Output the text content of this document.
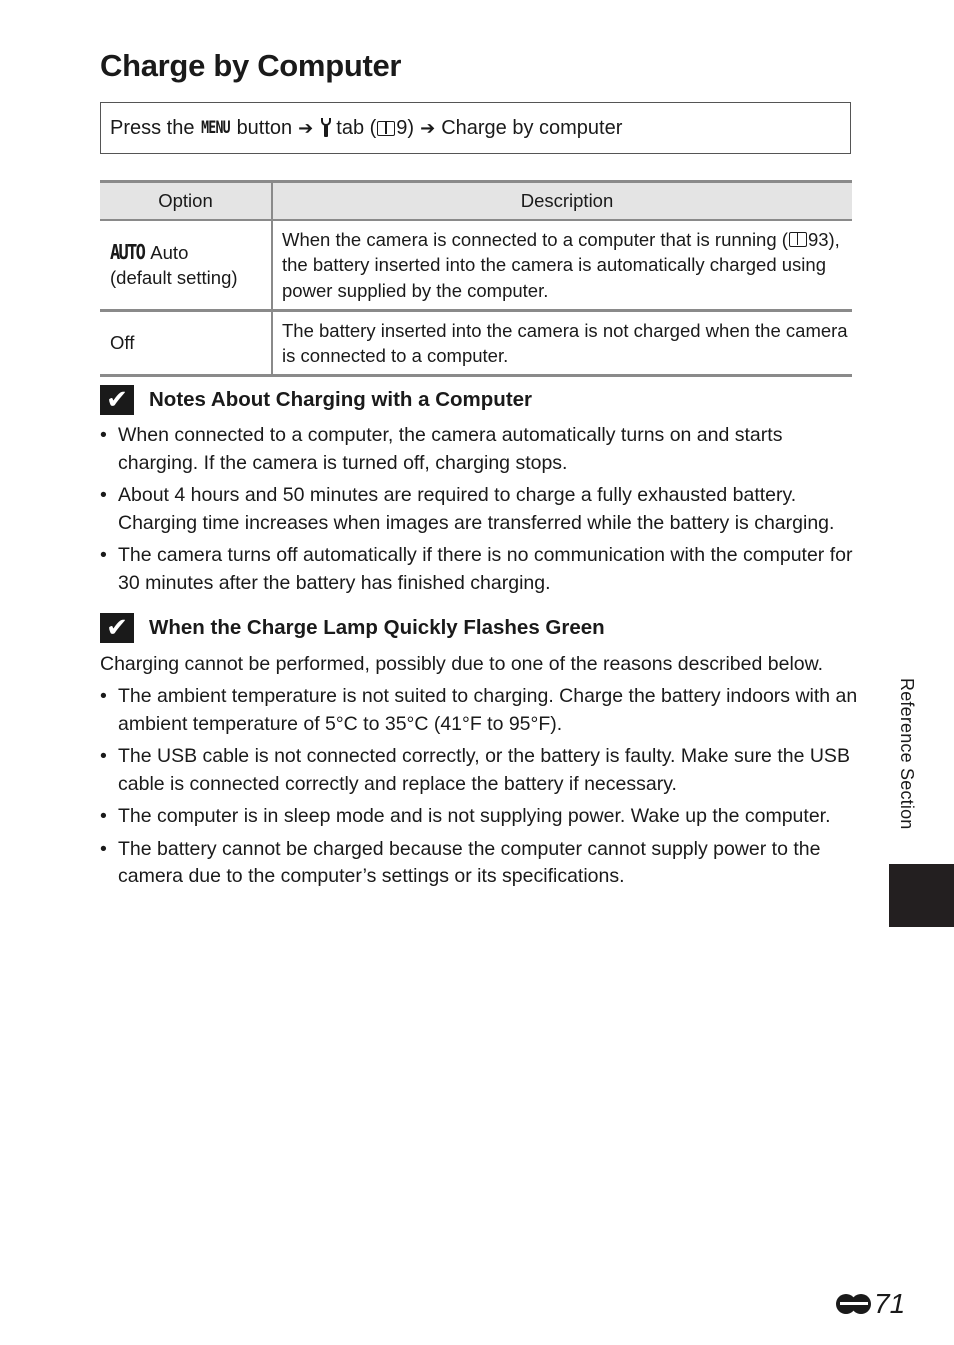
Charge by Computer
Press the
MENU
button ➔ tab ( 9) ➔ Charge by computer
Option	Description
AUTO Auto
(default setting)	When the camera is connected to a computer that is running ( 93), the battery inserted into the camera is automatically charged using power supplied by the computer.
Off	The battery inserted into the camera is not charged when the camera is connected to a computer.
✔ Notes About Charging with a Computer
• When connected to a computer, the camera automatically turns on and starts charging. If the camera is turned off, charging stops.
• About 4 hours and 50 minutes are required to charge a fully exhausted battery. Charging time increases when images are transferred while the battery is charging.
• The camera turns off automatically if there is no communication with the computer for 30 minutes after the battery has finished charging.
✔ When the Charge Lamp Quickly Flashes Green

Charging cannot be performed, possibly due to one of the reasons described below.

• The ambient temperature is not suited to charging. Charge the battery indoors with an ambient temperature of 5°C to 35°C (41°F to 95°F).
• The USB cable is not connected correctly, or the battery is faulty. Make sure the USB cable is connected correctly and replace the battery if necessary.
• The computer is in sleep mode and is not supplying power. Wake up the computer.
• The battery cannot be charged because the computer cannot supply power to the camera due to the computer’s settings or its specifications.
Reference Section
71
